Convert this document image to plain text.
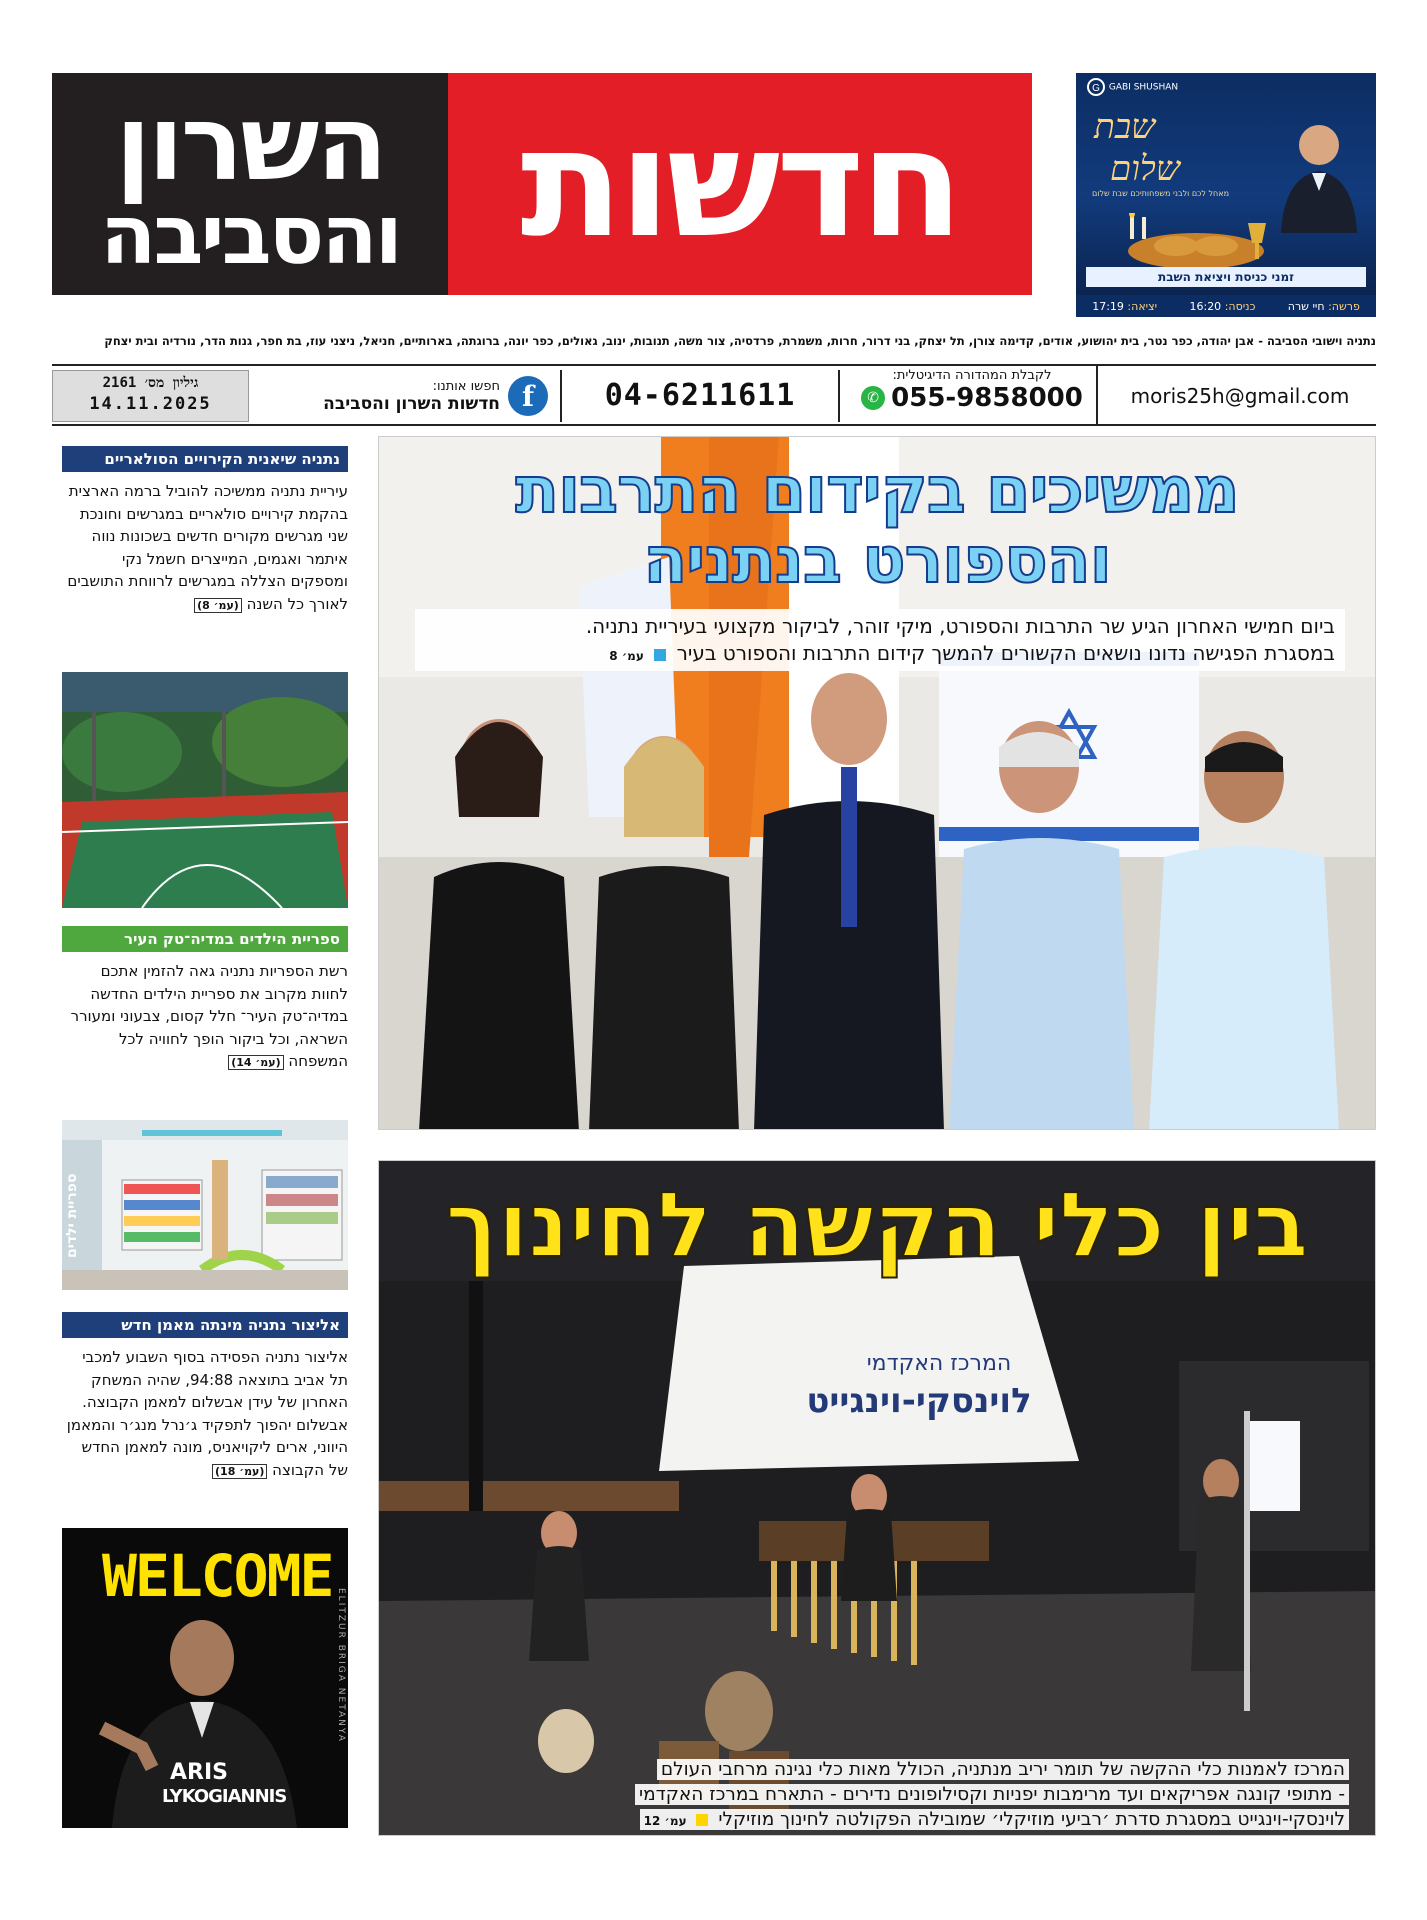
השרון
והסביבה חדשות
G GABI SHUSHAN
שבת
שלום
מאחל לכם ולבני משפחותיכם שבת שלום
זמני כניסת ויציאת השבת
פרשה: חיי שרה
כניסה: 16:20
יציאה: 17:19
נתניה וישובי הסביבה - אבן יהודה, כפר נטר, בית יהושוע, אודים, קדימה צורן, תל יצחק, בני דרור, חרות, משמרת, פרדסיה, צור משה, תנובות, ינוב, גאולים, כפר יונה, ברוגתה, בארותיים, חניאל, ניצני עוז, בת חפר, גנות הדר, נורדיה ובית יצחק
גיליון מס׳ 2161
14.11.2025	f
חפשו אותנו:
חדשות השרון והסביבה	04-6211611
לקבלת המהדורה הדיגיטלית:
✆ 055-9858000	moris25h@gmail.com
נתניה שיאנית הקירויים הסולאריים
עיריית נתניה ממשיכה להוביל ברמה הארצית בהקמת קירויים סולאריים במגרשים וחונכת שני מגרשים מקורים חדשים בשכונות נווה איתמר ואגמים, המייצרים חשמל נקי ומספקים הצללה במגרשים לרווחת התושבים לאורך כל השנה (עמ׳ 8)
ספריית הילדים במדיה־טק העיר
רשת הספריות נתניה גאה להזמין אתכם לחוות מקרוב את ספריית הילדים החדשה במדיה־טק העיר־ חלל קסום, צבעוני ומעורר השראה, וכל ביקור הופך לחוויה לכל המשפחה (עמ׳ 14)
ספריית ילדים
אליצור נתניה מינתה מאמן חדש
אליצור נתניה הפסידה בסוף השבוע למכבי תל אביב בתוצאה 94:88, שהיה המשחק האחרון של עידן אבשלום למאמן הקבוצה. אבשלום יהפוך לתפקיד ג׳נרל מנג׳ר והמאמן היווני, ארים ליקויאניס, מונה למאמן החדש של הקבוצה (עמ׳ 18)
WELCOME
ARIS
LYKOGIANNIS
ELITZUR BRIGA NETANYA
ממשיכים בקידום התרבות
והספורט בנתניה
ביום חמישי האחרון הגיע שר התרבות והספורט, מיקי זוהר, לביקור מקצועי בעיריית נתניה.
במסגרת הפגישה נדונו נושאים הקשורים להמשך קידום התרבות והספורט בעיר  עמ׳ 8
המרכז האקדמי
לוינסקי-וינגייט
בין כלי הקשה לחינוך
המרכז לאמנות כלי ההקשה של תומר יריב מנתניה, הכולל מאות כלי נגינה מרחבי העולם
- מתופי קונגה אפריקאים ועד מרימבות יפניות וקסילופונים נדירים - התארח במרכז האקדמי
לוינסקי-וינגייט במסגרת סדרת ׳רביעי מוזיקלי׳ שמובילה הפקולטה לחינוך מוזיקלי  עמ׳ 12
